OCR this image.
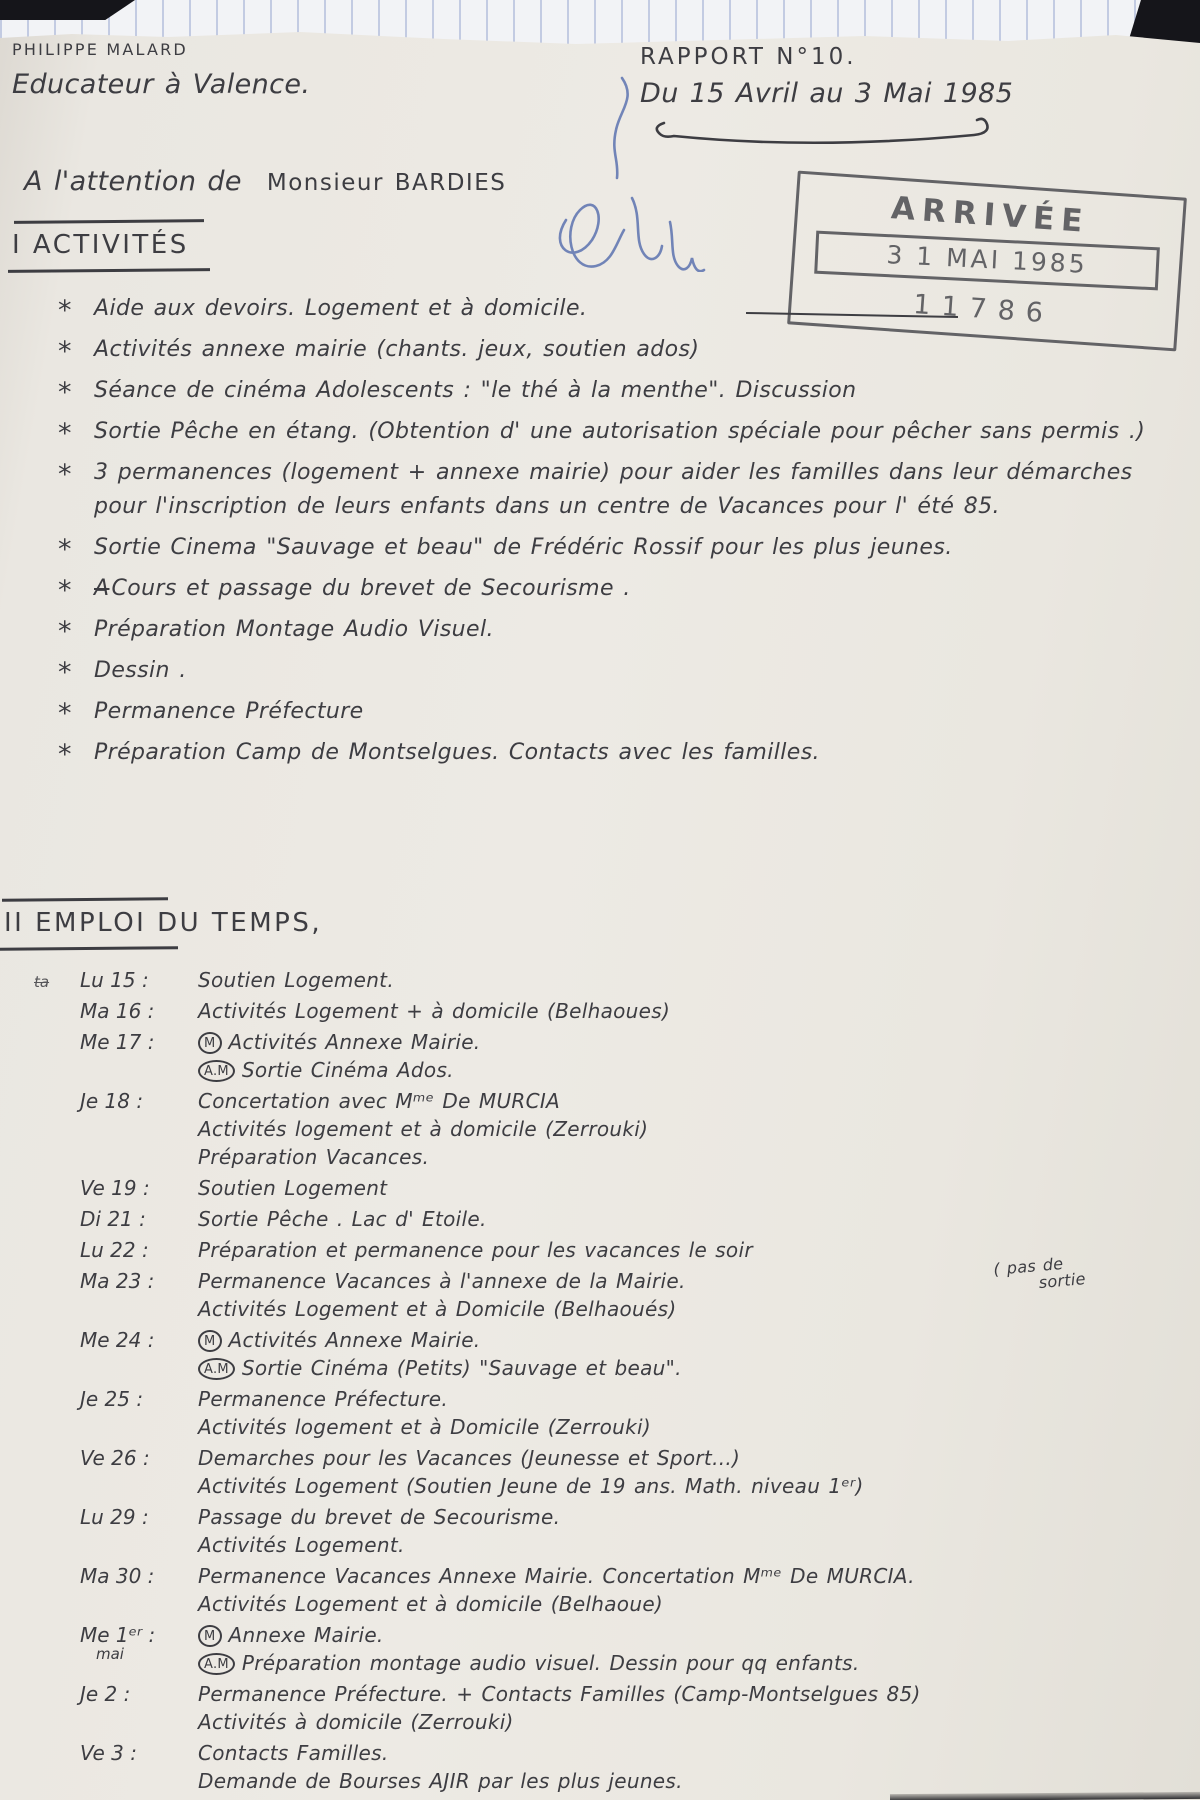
PHILIPPE MALARD
Educateur à Valence.
RAPPORT N°10.
Du 15 Avril au 3 Mai 1985
A l'attention de Monsieur BARDIES
ARRIVÉE
3 1 MAI 1985
11786
I ACTIVITÉS
* Aide aux devoirs. Logement et à domicile.
* Activités annexe mairie (chants. jeux, soutien ados)
* Séance de cinéma Adolescents : "le thé à la menthe". Discussion
* Sortie Pêche en étang. (Obtention d' une autorisation spéciale pour pêcher sans permis .)
* 3 permanences (logement + annexe mairie) pour aider les familles dans leur démarches pour l'inscription de leurs enfants dans un centre de Vacances pour l' été 85.
* Sortie Cinema "Sauvage et beau" de Frédéric Rossif pour les plus jeunes.
* ACours et passage du brevet de Secourisme .
* Préparation Montage Audio Visuel.
* Dessin .
* Permanence Préfecture
* Préparation Camp de Montselgues. Contacts avec les familles.
II EMPLOI DU TEMPS,
ta Lu 15 :	Soutien Logement.
Ma 16 :	Activités Logement + à domicile (Belhaoues)
Me 17 :	M Activités Annexe Mairie.
A.M Sortie Cinéma Ados.
Je 18 :	Concertation avec Mᵐᵉ De MURCIA
Activités logement et à domicile (Zerrouki)
Préparation Vacances.
Ve 19 :	Soutien Logement
Di 21 :	Sortie Pêche . Lac d' Etoile.
Lu 22 :	Préparation et permanence pour les vacances le soir
Ma 23 :	Permanence Vacances à l'annexe de la Mairie.
( pas de
sortie
Activités Logement et à Domicile (Belhaoués)
Me 24 :	M Activités Annexe Mairie.
A.M Sortie Cinéma (Petits) "Sauvage et beau".
Je 25 :	Permanence Préfecture.
Activités logement et à Domicile (Zerrouki)
Ve 26 :	Demarches pour les Vacances (Jeunesse et Sport...)
Activités Logement (Soutien Jeune de 19 ans. Math. niveau 1ᵉʳ)
Lu 29 :	Passage du brevet de Secourisme.
Activités Logement.
Ma 30 :	Permanence Vacances Annexe Mairie. Concertation Mᵐᵉ De MURCIA.
Activités Logement et à domicile (Belhaoue)
Me 1ᵉʳ :
mai
M Annexe Mairie.
A.M Préparation montage audio visuel. Dessin pour qq enfants.
Je 2 :	Permanence Préfecture. + Contacts Familles (Camp-Montselgues 85)
Activités à domicile (Zerrouki)
Ve 3 :	Contacts Familles.
Demande de Bourses AJIR par les plus jeunes.
